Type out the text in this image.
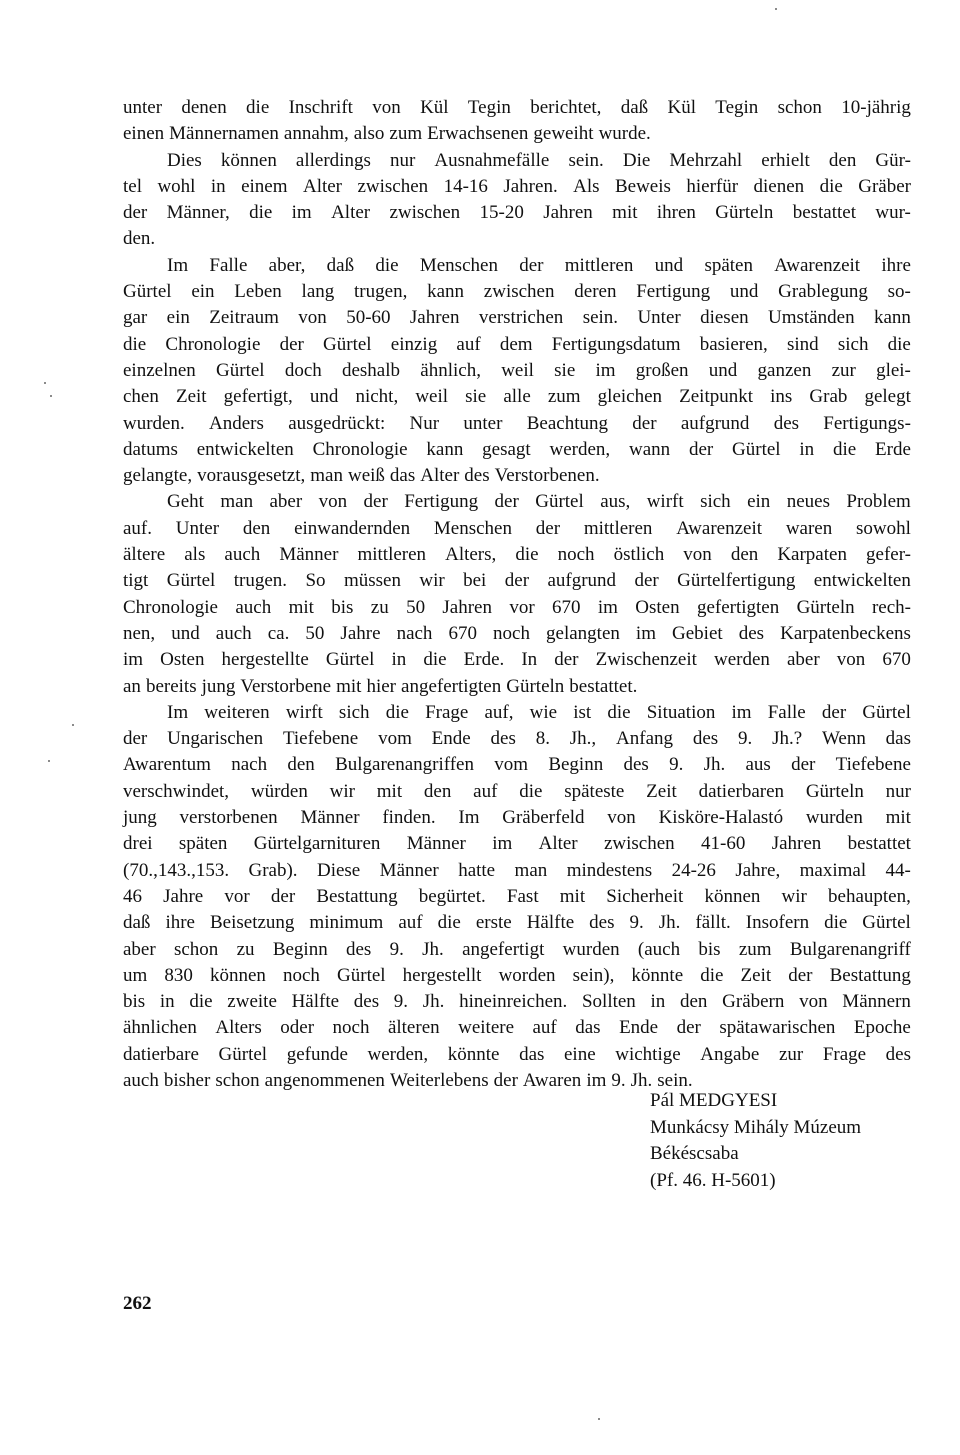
unter denen die Inschrift von Kül Tegin berichtet, daß Kül Tegin schon 10-jährig
einen Männernamen annahm, also zum Erwachsenen geweiht wurde.
Dies können allerdings nur Ausnahmefälle sein. Die Mehrzahl erhielt den Gür-
tel wohl in einem Alter zwischen 14-16 Jahren. Als Beweis hierfür dienen die Gräber
der Männer, die im Alter zwischen 15-20 Jahren mit ihren Gürteln bestattet wur-
den.
Im Falle aber, daß die Menschen der mittleren und späten Awarenzeit ihre
Gürtel ein Leben lang trugen, kann zwischen deren Fertigung und Grablegung so-
gar ein Zeitraum von 50-60 Jahren verstrichen sein. Unter diesen Umständen kann
die Chronologie der Gürtel einzig auf dem Fertigungsdatum basieren, sind sich die
einzelnen Gürtel doch deshalb ähnlich, weil sie im großen und ganzen zur glei-
chen Zeit gefertigt, und nicht, weil sie alle zum gleichen Zeitpunkt ins Grab gelegt
wurden. Anders ausgedrückt: Nur unter Beachtung der aufgrund des Fertigungs-
datums entwickelten Chronologie kann gesagt werden, wann der Gürtel in die Erde
gelangte, vorausgesetzt, man weiß das Alter des Verstorbenen.
Geht man aber von der Fertigung der Gürtel aus, wirft sich ein neues Problem
auf. Unter den einwandernden Menschen der mittleren Awarenzeit waren sowohl
ältere als auch Männer mittleren Alters, die noch östlich von den Karpaten gefer-
tigt Gürtel trugen. So müssen wir bei der aufgrund der Gürtelfertigung entwickelten
Chronologie auch mit bis zu 50 Jahren vor 670 im Osten gefertigten Gürteln rech-
nen, und auch ca. 50 Jahre nach 670 noch gelangten im Gebiet des Karpatenbeckens
im Osten hergestellte Gürtel in die Erde. In der Zwischenzeit werden aber von 670
an bereits jung Verstorbene mit hier angefertigten Gürteln bestattet.
Im weiteren wirft sich die Frage auf, wie ist die Situation im Falle der Gürtel
der Ungarischen Tiefebene vom Ende des 8. Jh., Anfang des 9. Jh.? Wenn das
Awarentum nach den Bulgarenangriffen vom Beginn des 9. Jh. aus der Tiefebene
verschwindet, würden wir mit den auf die späteste Zeit datierbaren Gürteln nur
jung verstorbenen Männer finden. Im Gräberfeld von Kisköre-Halastó wurden mit
drei späten Gürtelgarnituren Männer im Alter zwischen 41-60 Jahren bestattet
(70.,143.,153. Grab). Diese Männer hatte man mindestens 24-26 Jahre, maximal 44-
46 Jahre vor der Bestattung begürtet. Fast mit Sicherheit können wir behaupten,
daß ihre Beisetzung minimum auf die erste Hälfte des 9. Jh. fällt. Insofern die Gürtel
aber schon zu Beginn des 9. Jh. angefertigt wurden (auch bis zum Bulgarenangriff
um 830 können noch Gürtel hergestellt worden sein), könnte die Zeit der Bestattung
bis in die zweite Hälfte des 9. Jh. hineinreichen. Sollten in den Gräbern von Männern
ähnlichen Alters oder noch älteren weitere auf das Ende der spätawarischen Epoche
datierbare Gürtel gefunde werden, könnte das eine wichtige Angabe zur Frage des
auch bisher schon angenommenen Weiterlebens der Awaren im 9. Jh. sein.
Pál MEDGYESI
Munkácsy Mihály Múzeum
Békéscsaba
(Pf. 46. H-5601)
262
